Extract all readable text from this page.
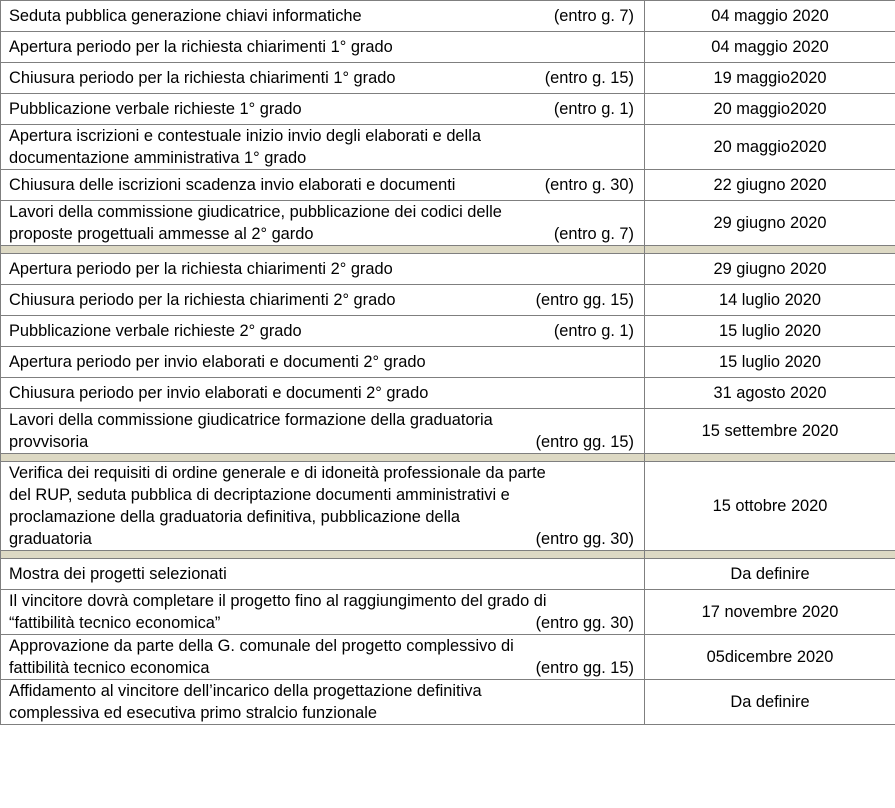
Seduta pubblica generazione chiavi informatiche (entro g. 7)	04 maggio 2020

Apertura periodo per la richiesta chiarimenti 1° grado	04 maggio 2020

Chiusura periodo per la richiesta chiarimenti 1° grado (entro g. 15)	19 maggio2020

Pubblicazione verbale richieste 1° grado (entro g. 1)	20 maggio2020

Apertura iscrizioni e contestuale inizio invio degli elaborati e della
documentazione amministrativa 1° grado	20 maggio2020

Chiusura delle iscrizioni scadenza invio elaborati e documenti (entro g. 30)	22 giugno 2020

Lavori della commissione giudicatrice, pubblicazione dei codici delle
proposte progettuali ammesse al 2° gardo (entro g. 7)	29 giugno 2020

Apertura periodo per la richiesta chiarimenti 2° grado	29 giugno 2020

Chiusura periodo per la richiesta chiarimenti 2° grado (entro gg. 15)	14 luglio 2020

Pubblicazione verbale richieste 2° grado (entro g. 1)	15 luglio 2020

Apertura periodo per invio elaborati e documenti 2° grado	15 luglio 2020

Chiusura periodo per invio elaborati e documenti 2° grado	31 agosto 2020

Lavori della commissione giudicatrice formazione della graduatoria
provvisoria (entro gg. 15)	15 settembre 2020

Verifica dei requisiti di ordine generale e di idoneità professionale da parte
del RUP, seduta pubblica di decriptazione documenti amministrativi e
proclamazione della graduatoria definitiva, pubblicazione della
graduatoria (entro gg. 30)	15 ottobre 2020

Mostra dei progetti selezionati	Da definire

Il vincitore dovrà completare il progetto fino al raggiungimento del grado di
“fattibilità tecnico economica” (entro gg. 30)	17 novembre 2020

Approvazione da parte della G. comunale del progetto complessivo di
fattibilità tecnico economica (entro gg. 15)	05dicembre 2020

Affidamento al vincitore dell’incarico della progettazione definitiva
complessiva ed esecutiva primo stralcio funzionale	Da definire
